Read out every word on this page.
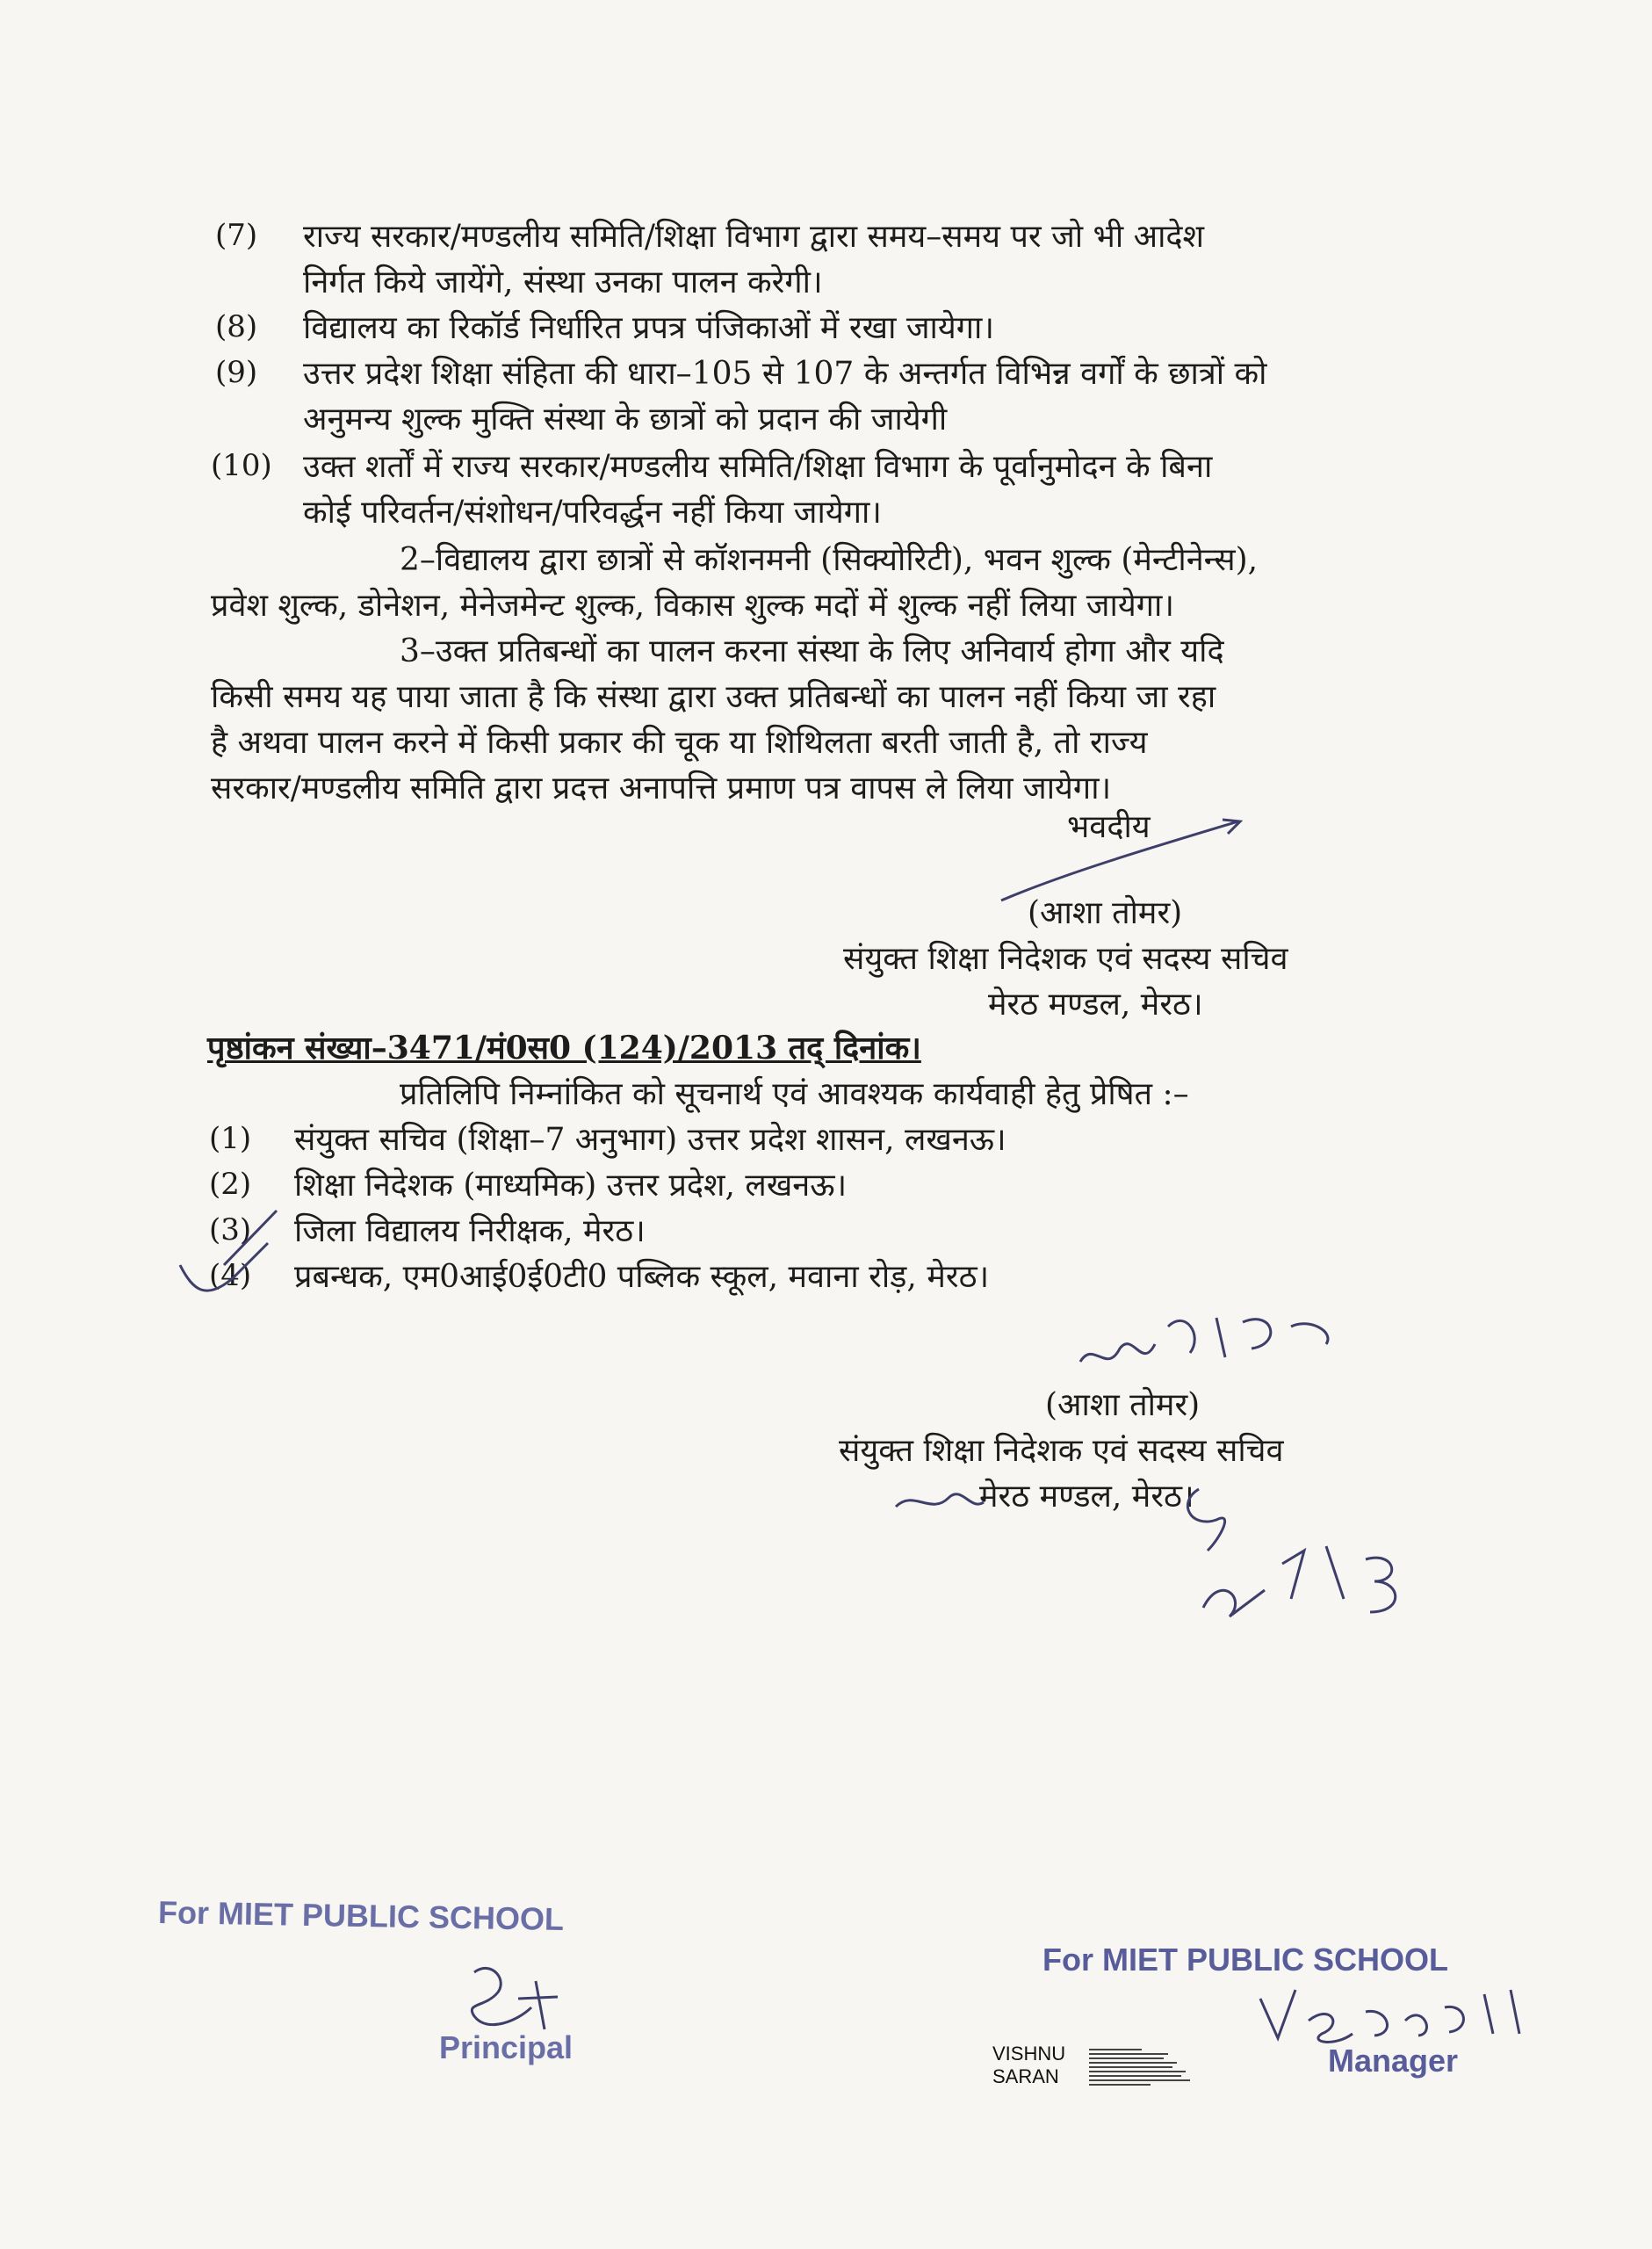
(7) राज्य सरकार/मण्डलीय समिति/शिक्षा विभाग द्वारा समय–समय पर जो भी आदेश
निर्गत किये जायेंगे, संस्था उनका पालन करेगी।
(8) विद्यालय का रिकॉर्ड निर्धारित प्रपत्र पंजिकाओं में रखा जायेगा।
(9) उत्तर प्रदेश शिक्षा संहिता की धारा–105 से 107 के अन्तर्गत विभिन्न वर्गों के छात्रों को
अनुमन्य शुल्क मुक्ति संस्था के छात्रों को प्रदान की जायेगी
(10) उक्त शर्तों में राज्य सरकार/मण्डलीय समिति/शिक्षा विभाग के पूर्वानुमोदन के बिना
कोई परिवर्तन/संशोधन/परिवर्द्धन नहीं किया जायेगा।
2–विद्यालय द्वारा छात्रों से कॉशनमनी (सिक्योरिटी), भवन शुल्क (मेन्टीनेन्स),
प्रवेश शुल्क, डोनेशन, मेनेजमेन्ट शुल्क, विकास शुल्क मदों में शुल्क नहीं लिया जायेगा।
3–उक्त प्रतिबन्धों का पालन करना संस्था के लिए अनिवार्य होगा और यदि
किसी समय यह पाया जाता है कि संस्था द्वारा उक्त प्रतिबन्धों का पालन नहीं किया जा रहा
है अथवा पालन करने में किसी प्रकार की चूक या शिथिलता बरती जाती है, तो राज्य
सरकार/मण्डलीय समिति द्वारा प्रदत्त अनापत्ति प्रमाण पत्र वापस ले लिया जायेगा।
भवदीय
(आशा तोमर)
संयुक्त शिक्षा निदेशक एवं सदस्य सचिव
मेरठ मण्डल, मेरठ।
पृष्ठांकन संख्या–3471/मं0स0 (124)/2013 तद् दिनांक।
प्रतिलिपि निम्नांकित को सूचनार्थ एवं आवश्यक कार्यवाही हेतु प्रेषित :–
(1) संयुक्त सचिव (शिक्षा–7 अनुभाग) उत्तर प्रदेश शासन, लखनऊ।
(2) शिक्षा निदेशक (माध्यमिक) उत्तर प्रदेश, लखनऊ।
(3) जिला विद्यालय निरीक्षक, मेरठ।
(4) प्रबन्धक, एम0आई0ई0टी0 पब्लिक स्कूल, मवाना रोड़, मेरठ।
(आशा तोमर)
संयुक्त शिक्षा निदेशक एवं सदस्य सचिव
मेरठ मण्डल, मेरठ।
For MIET PUBLIC SCHOOL
Principal
For MIET PUBLIC SCHOOL
Manager
VISHNU
SARAN
